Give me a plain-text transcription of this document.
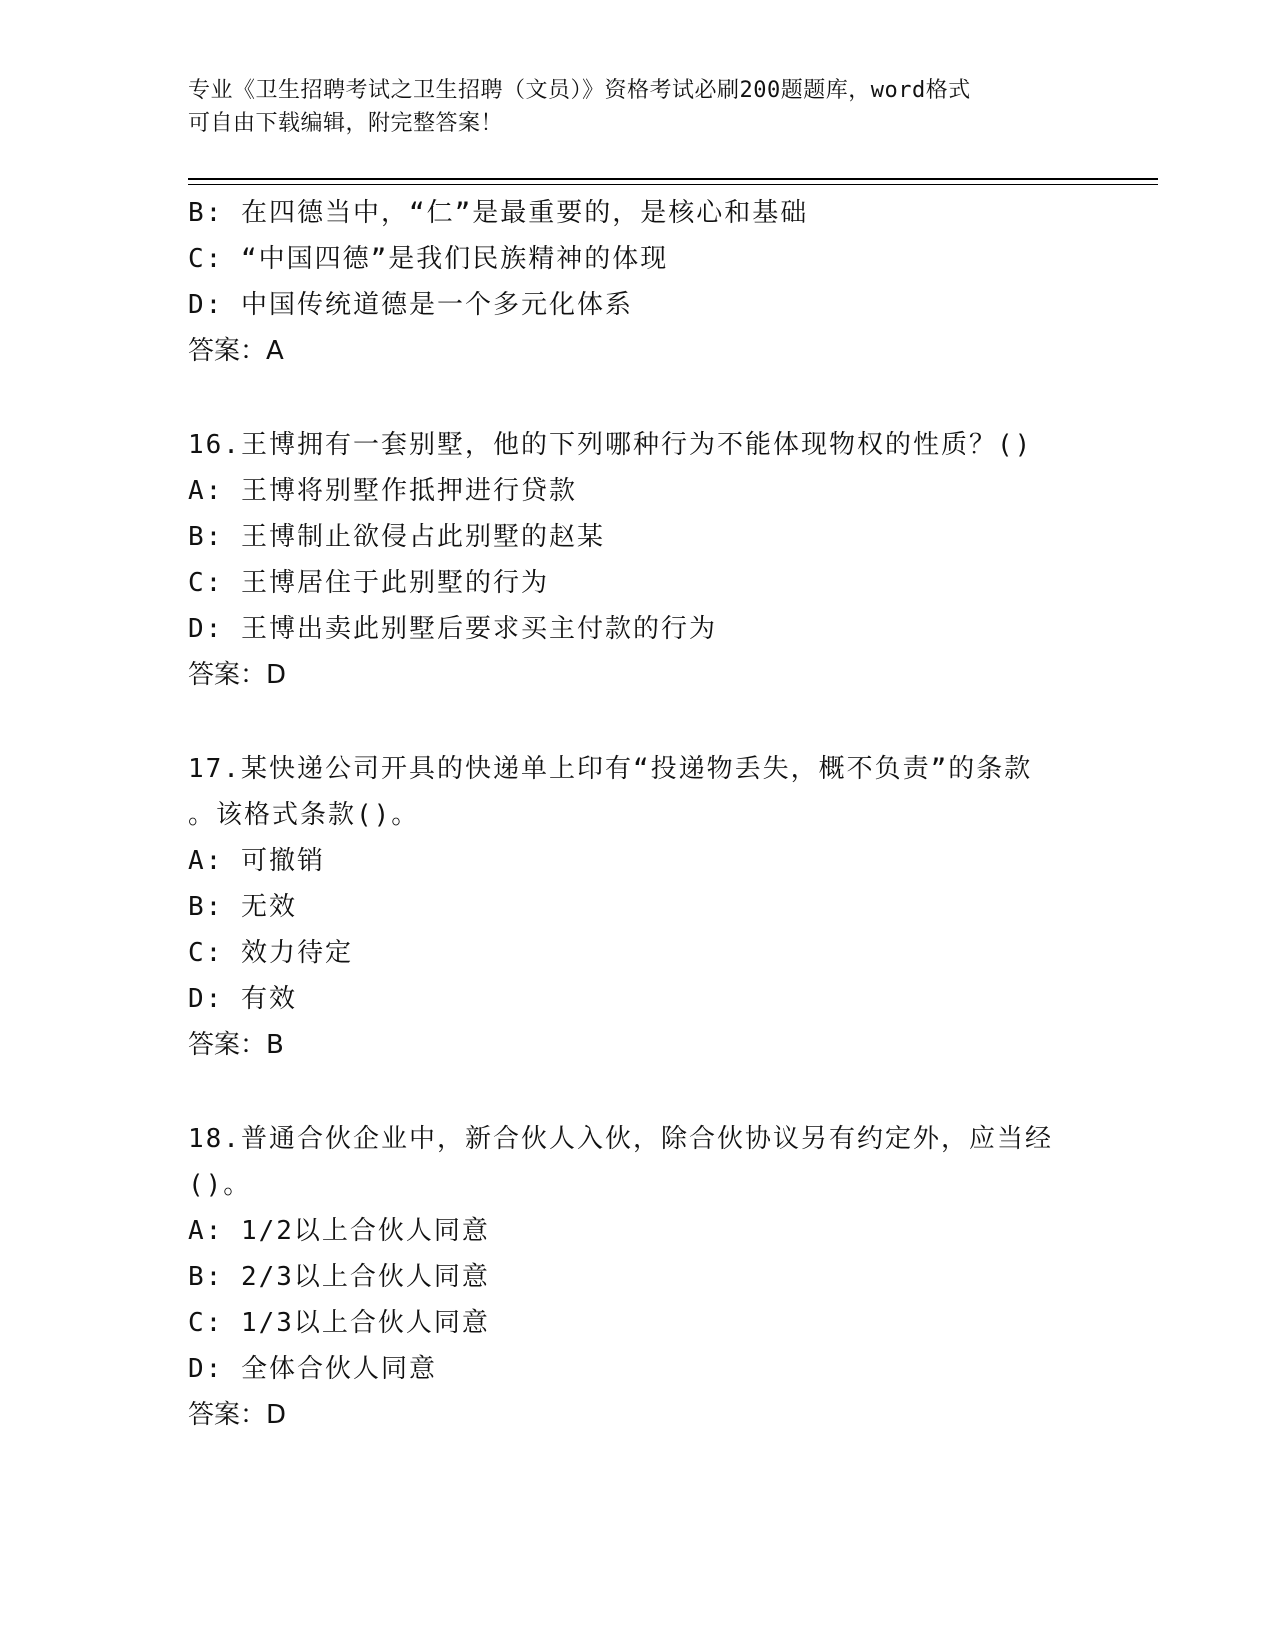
专业《卫生招聘考试之卫生招聘（文员）》资格考试必刷200题题库，word格式
可自由下载编辑，附完整答案！
B: 在四德当中，“仁”是最重要的，是核心和基础
C: “中国四德”是我们民族精神的体现
D: 中国传统道德是一个多元化体系
答案：A
16.王博拥有一套别墅，他的下列哪种行为不能体现物权的性质？()
A: 王博将别墅作抵押进行贷款
B: 王博制止欲侵占此别墅的赵某
C: 王博居住于此别墅的行为
D: 王博出卖此别墅后要求买主付款的行为
答案：D
17.某快递公司开具的快递单上印有“投递物丢失，概不负责”的条款
。该格式条款()。
A: 可撤销
B: 无效
C: 效力待定
D: 有效
答案：B
18.普通合伙企业中，新合伙人入伙，除合伙协议另有约定外，应当经
()。
A: 1/2以上合伙人同意
B: 2/3以上合伙人同意
C: 1/3以上合伙人同意
D: 全体合伙人同意
答案：D
